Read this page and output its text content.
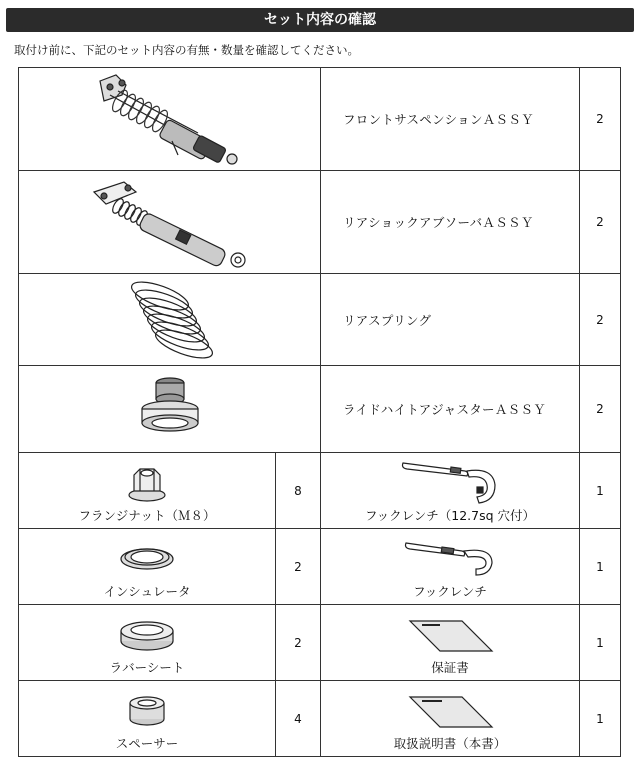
セット内容の確認
取付け前に、下記のセット内容の有無・数量を確認してください。
	フロントサスペンションＡＳＳＹ	2

	リアショックアブソーバＡＳＳＹ	2

	リアスプリング	2

	ライドハイトアジャスターＡＳＳＹ	2

フランジナット（Ｍ８）	8	フックレンチ（12.7sq 穴付）	1

インシュレータ	2	フックレンチ	1

ラバーシート	2	保証書	1

スペーサー	4	取扱説明書（本書）	1
